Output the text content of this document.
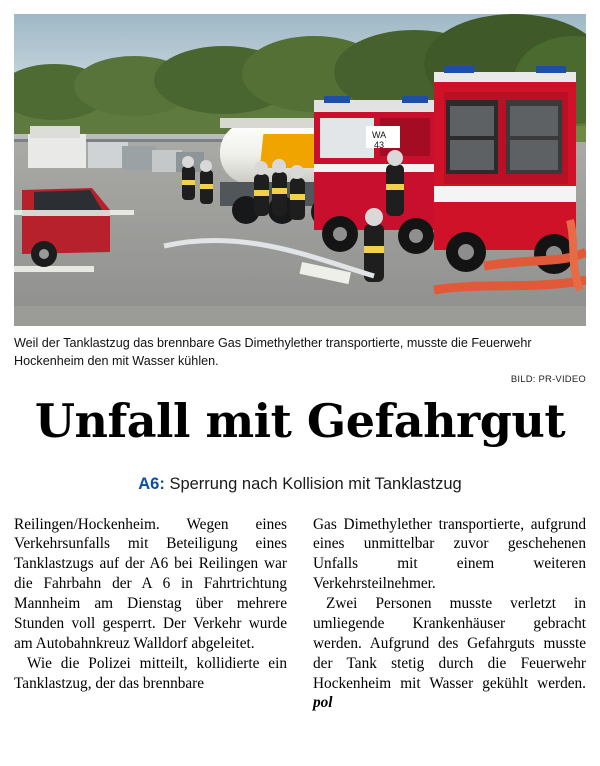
WA
43
Weil der Tanklastzug das brennbare Gas Dimethylether transportierte, musste die Feuerwehr Hockenheim den mit Wasser kühlen.
BILD: PR-VIDEO
Unfall mit Gefahrgut
A6: Sperrung nach Kollision mit Tanklastzug

Reilingen/Hockenheim. Wegen eines Verkehrsunfalls mit Beteiligung eines Tanklastzugs auf der A6 bei Reilingen war die Fahrbahn der A 6 in Fahrtrichtung Mannheim am Dienstag über mehrere Stunden voll gesperrt. Der Verkehr wurde am Autobahnkreuz Walldorf abgeleitet.

Wie die Polizei mitteilt, kollidierte ein Tanklastzug, der das brennbare

Gas Dimethylether transportierte, aufgrund eines unmittelbar zuvor geschehenen Unfalls mit einem weiteren Verkehrsteilnehmer.

Zwei Personen musste verletzt in umliegende Krankenhäuser gebracht werden. Aufgrund des Gefahrguts musste der Tank stetig durch die Feuerwehr Hockenheim mit Wasser gekühlt werden. pol
